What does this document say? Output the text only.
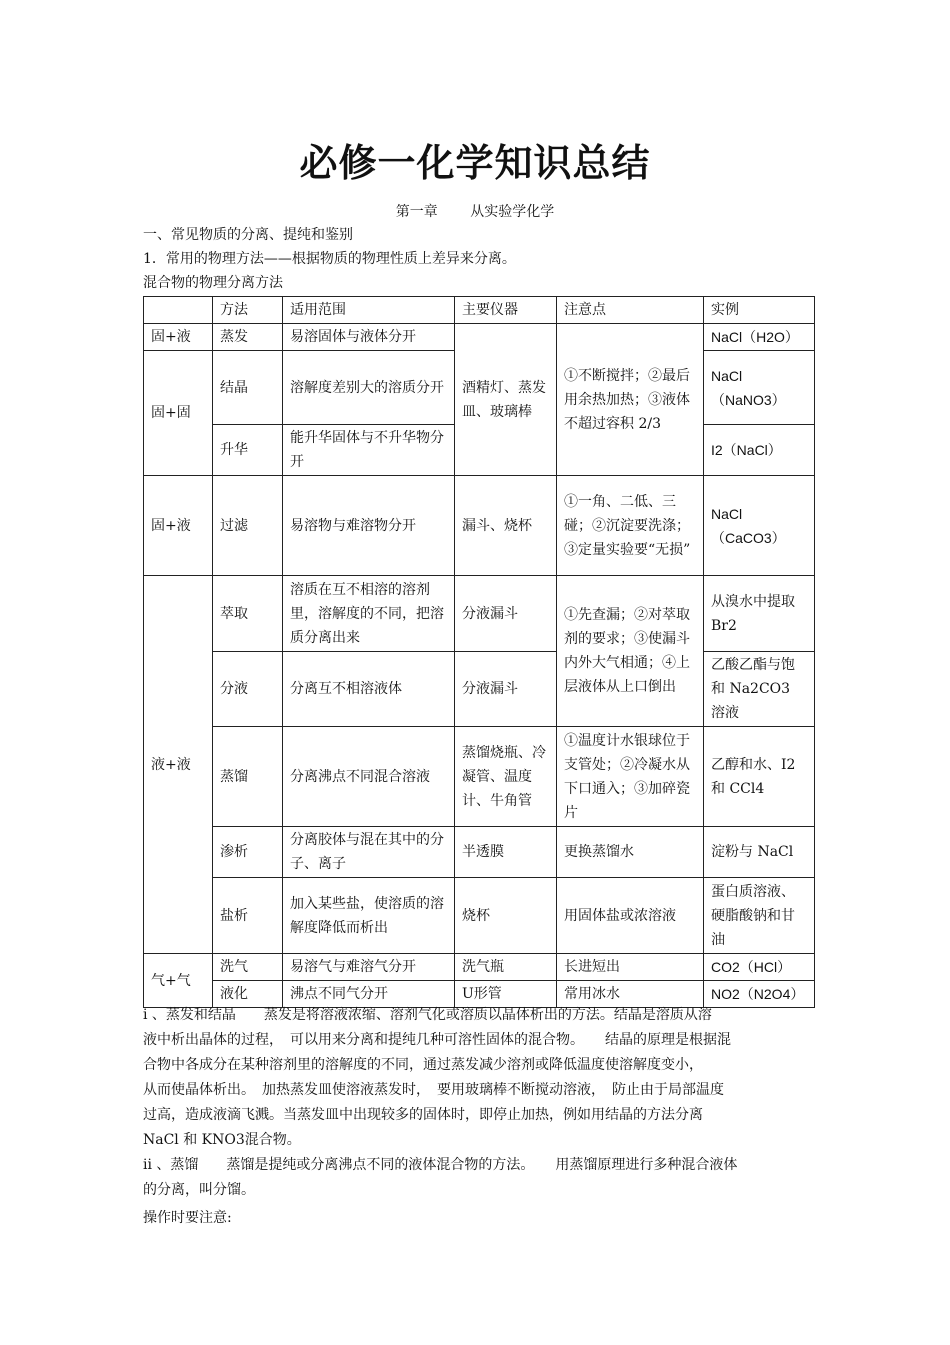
必修一化学知识总结
第一章 从实验学化学
一、常见物质的分离、提纯和鉴别
1．常用的物理方法——根据物质的物理性质上差异来分离。
混合物的物理分离方法
	方法	适用范围	主要仪器	注意点	实例
固+液	蒸发	易溶固体与液体分开	酒精灯、蒸发皿、玻璃棒	①不断搅拌；②最后用余热加热；③液体不超过容积 2/3	NaCl（H2O）
固+固	结晶	溶解度差别大的溶质分开			NaCl（NaNO3）
	升华	能升华固体与不升华物分开			I2（NaCl）
固+液	过滤	易溶物与难溶物分开	漏斗、烧杯	①一角、二低、三碰；②沉淀要洗涤；③定量实验要“无损”	NaCl（CaCO3）
液+液	萃取	溶质在互不相溶的溶剂里，溶解度的不同，把溶质分离出来	分液漏斗	①先查漏；②对萃取剂的要求；③使漏斗内外大气相通；④上层液体从上口倒出	从溴水中提取 Br2
	分液	分离互不相溶液体	分液漏斗		乙酸乙酯与饱和 Na2CO3 溶液
	蒸馏	分离沸点不同混合溶液	蒸馏烧瓶、冷凝管、温度计、牛角管	①温度计水银球位于支管处；②冷凝水从下口通入；③加碎瓷片	乙醇和水、I2 和 CCl4
	渗析	分离胶体与混在其中的分子、离子	半透膜	更换蒸馏水	淀粉与 NaCl
	盐析	加入某些盐，使溶质的溶解度降低而析出	烧杯	用固体盐或浓溶液	蛋白质溶液、硬脂酸钠和甘油
气+气	洗气	易溶气与难溶气分开	洗气瓶	长进短出	CO2（HCl）
	液化	沸点不同气分开	U形管	常用冰水	NO2（N2O4）

i 、蒸发和结晶　　蒸发是将溶液浓缩、溶剂气化或溶质以晶体析出的方法。结晶是溶质从溶

液中析出晶体的过程，　可以用来分离和提纯几种可溶性固体的混合物。　　结晶的原理是根据混

合物中各成分在某种溶剂里的溶解度的不同，通过蒸发减少溶剂或降低温度使溶解度变小，

从而使晶体析出。　加热蒸发皿使溶液蒸发时，　要用玻璃棒不断搅动溶液，　防止由于局部温度

过高，造成液滴飞溅。当蒸发皿中出现较多的固体时，即停止加热，例如用结晶的方法分离

NaCl 和 KNO3混合物。

ii 、蒸馏　　蒸馏是提纯或分离沸点不同的液体混合物的方法。　　用蒸馏原理进行多种混合液体

的分离，叫分馏。

操作时要注意:
